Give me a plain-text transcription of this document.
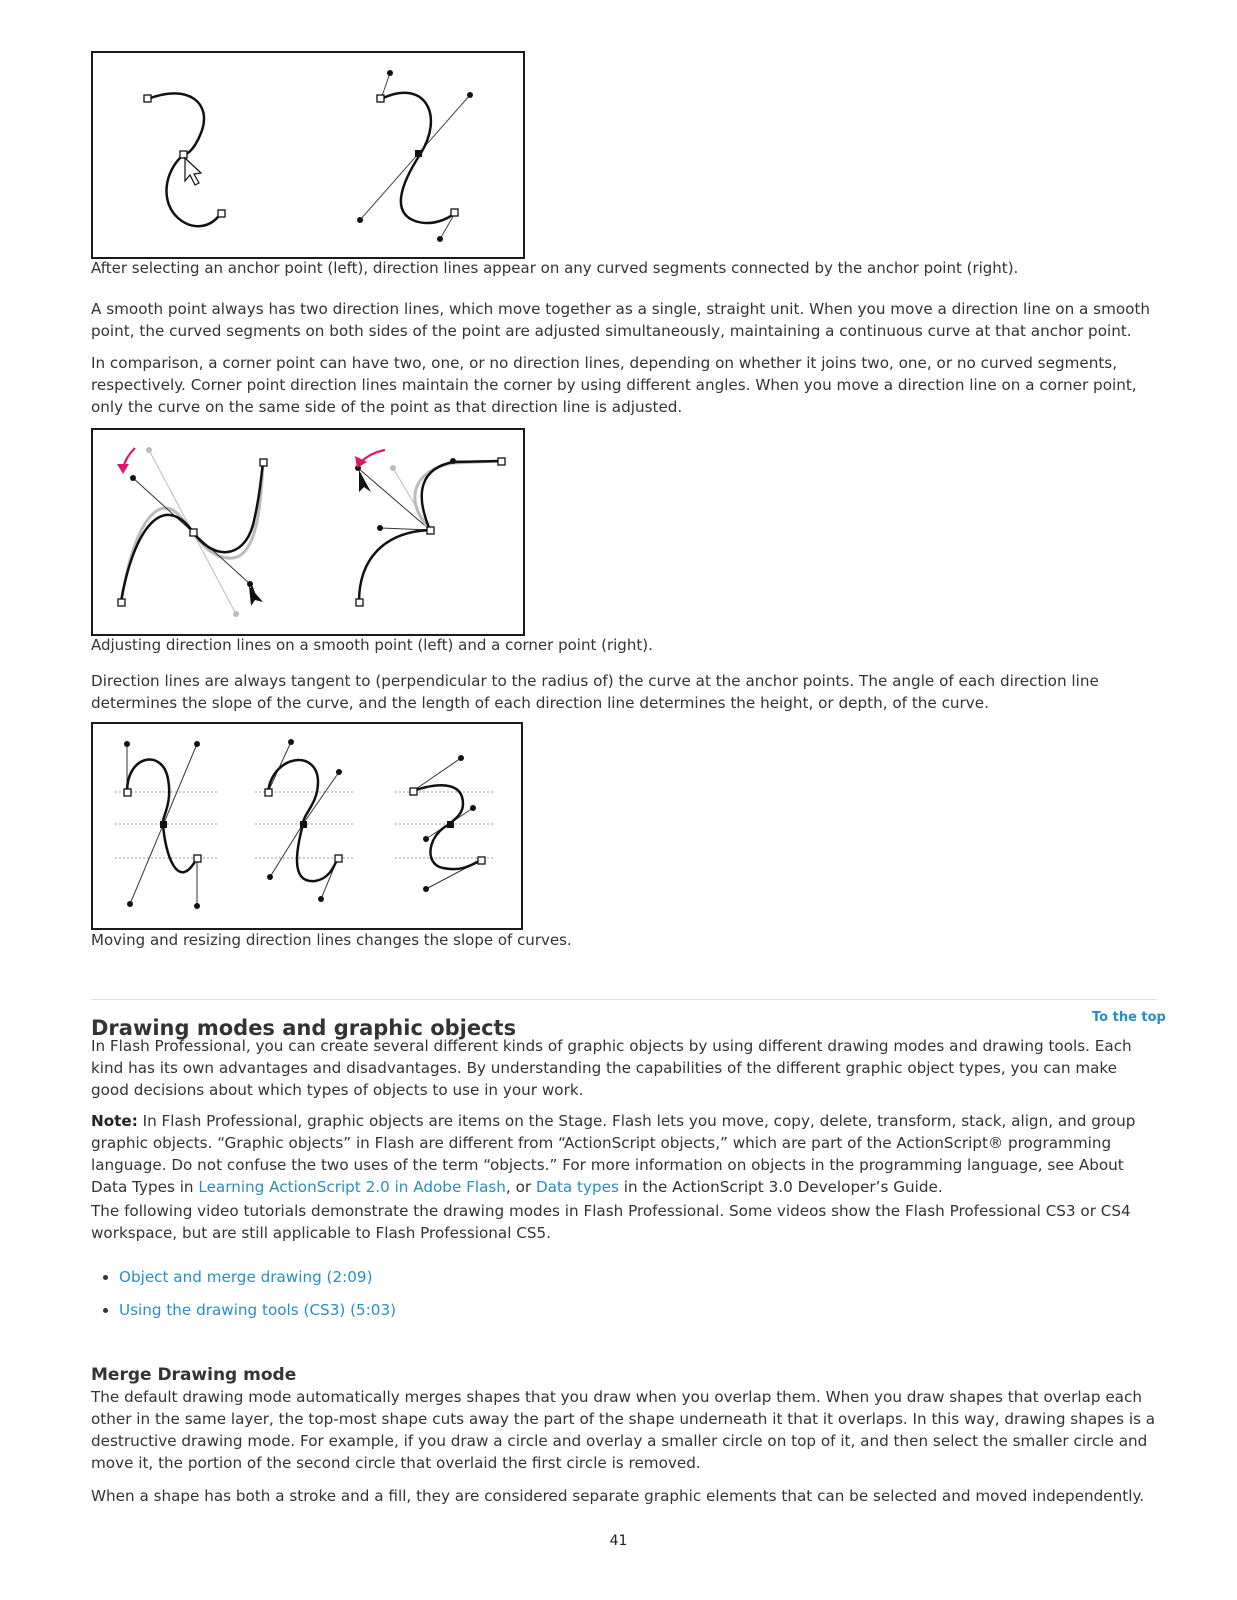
After selecting an anchor point (left), direction lines appear on any curved segments connected by the anchor point (right).

A smooth point always has two direction lines, which move together as a single, straight unit. When you move a direction line on a smooth point, the curved segments on both sides of the point are adjusted simultaneously, maintaining a continuous curve at that anchor point.

In comparison, a corner point can have two, one, or no direction lines, depending on whether it joins two, one, or no curved segments, respectively. Corner point direction lines maintain the corner by using different angles. When you move a direction line on a corner point, only the curve on the same side of the point as that direction line is adjusted.

Adjusting direction lines on a smooth point (left) and a corner point (right).

Direction lines are always tangent to (perpendicular to the radius of) the curve at the anchor points. The angle of each direction line determines the slope of the curve, and the length of each direction line determines the height, or depth, of the curve.

Moving and resizing direction lines changes the slope of curves.
To the top
Drawing modes and graphic objects

In Flash Professional, you can create several different kinds of graphic objects by using different drawing modes and drawing tools. Each kind has its own advantages and disadvantages. By understanding the capabilities of the different graphic object types, you can make good decisions about which types of objects to use in your work.

Note: In Flash Professional, graphic objects are items on the Stage. Flash lets you move, copy, delete, transform, stack, align, and group graphic objects. “Graphic objects” in Flash are different from “ActionScript objects,” which are part of the ActionScript® programming language. Do not confuse the two uses of the term “objects.” For more information on objects in the programming language, see About Data Types in Learning ActionScript 2.0 in Adobe Flash, or Data types in the ActionScript 3.0 Developer’s Guide.

The following video tutorials demonstrate the drawing modes in Flash Professional. Some videos show the Flash Professional CS3 or CS4 workspace, but are still applicable to Flash Professional CS5.

• Object and merge drawing (2:09)
• Using the drawing tools (CS3) (5:03)
Merge Drawing mode

The default drawing mode automatically merges shapes that you draw when you overlap them. When you draw shapes that overlap each other in the same layer, the top-most shape cuts away the part of the shape underneath it that it overlaps. In this way, drawing shapes is a destructive drawing mode. For example, if you draw a circle and overlay a smaller circle on top of it, and then select the smaller circle and move it, the portion of the second circle that overlaid the first circle is removed.

When a shape has both a stroke and a fill, they are considered separate graphic elements that can be selected and moved independently.

41
